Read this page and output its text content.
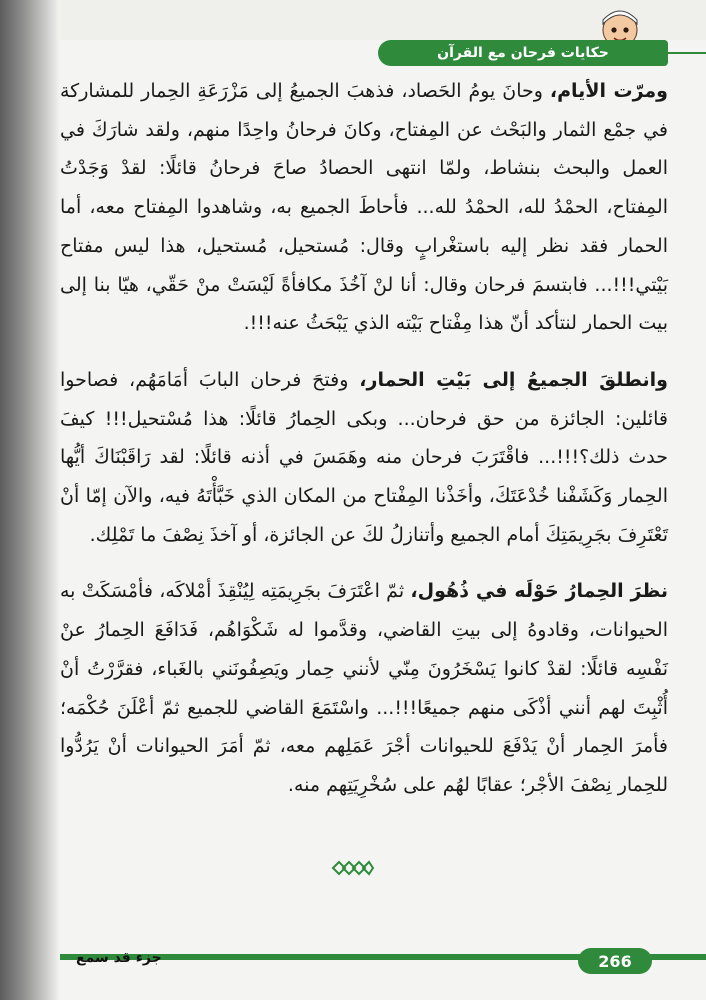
حكايات فرحان مع القرآن

ومرّت الأيام، وحانَ يومُ الحَصاد، فذهبَ الجميعُ إلى مَزْرَعَةِ الحِمار للمشاركة في جمْع الثمار والبَحْث عن المِفتاح، وكانَ فرحانُ واحِدًا منهم، ولقد شارَكَ في العمل والبحث بنشاط، ولمّا انتهى الحصادُ صاحَ فرحانُ قائلًا: لقدْ وَجَدْتُ المِفتاح، الحمْدُ لله، الحمْدُ لله... فأحاطَ الجميع به، وشاهدوا المِفتاح معه، أما الحمار فقد نظر إليه باستغْرابٍ وقال: مُستحيل، مُستحيل، هذا ليس مفتاح بَيْتي!!!... فابتسمَ فرحان وقال: أنا لنْ آخُذَ مكافأةً لَيْسَتْ منْ حَقّي، هيّا بنا إلى بيت الحمار لنتأكد أنّ هذا مِفْتاح بَيْته الذي يَبْحَثُ عنه!!!.

وانطلقَ الجميعُ إلى بَيْتِ الحمار، وفتحَ فرحان البابَ أمَامَهُم، فصاحوا قائلين: الجائزة من حق فرحان... وبكى الحِمارُ قائلًا: هذا مُسْتحيل!!! كيفَ حدث ذلك؟!!!... فاقْتَرَبَ فرحان منه وهَمَسَ في أذنه قائلًا: لقد رَاقَبْنَاكَ أيُّها الحِمار وَكَشَفْنا خُدْعَتَكَ، وأخَذْنا المِفْتاح من المكان الذي خَبَّأْتَهُ فيه، والآن إمّا أنْ تَعْتَرِفَ بجَرِيمَتِكَ أمام الجميع وأتنازلُ لكَ عن الجائزة، أو آخذَ نِصْفَ ما تَمْلِك.

نظرَ الحِمارُ حَوْلَه في ذُهُول، ثمّ اعْتَرَفَ بجَرِيمَتِه لِيُنْقِذَ أمْلاكَه، فأمْسَكَتْ به الحيوانات، وقادوهُ إلى بيتِ القاضي، وقدَّموا له شَكْوَاهُم، فَدَافَعَ الحِمارُ عنْ نَفْسِه قائلًا: لقدْ كانوا يَسْخَرُونَ مِنّي لأنني حِمار ويَصِفُونَني بالغَباء، فقرَّرْتُ أنْ أُثْبِتَ لهم أنني أذْكَى منهم جميعًا!!!... واسْتَمَعَ القاضي للجميع ثمّ أعْلَنَ حُكْمَه؛ فأمرَ الحِمار أنْ يَدْفَعَ للحيوانات أجْرَ عَمَلِهم معه، ثمّ أمَرَ الحيوانات أنْ يَرُدُّوا للحِمار نِصْفَ الأجْر؛ عقابًا لهُم على سُخْرِيَتِهم منه.

266
جزء قد سمع
